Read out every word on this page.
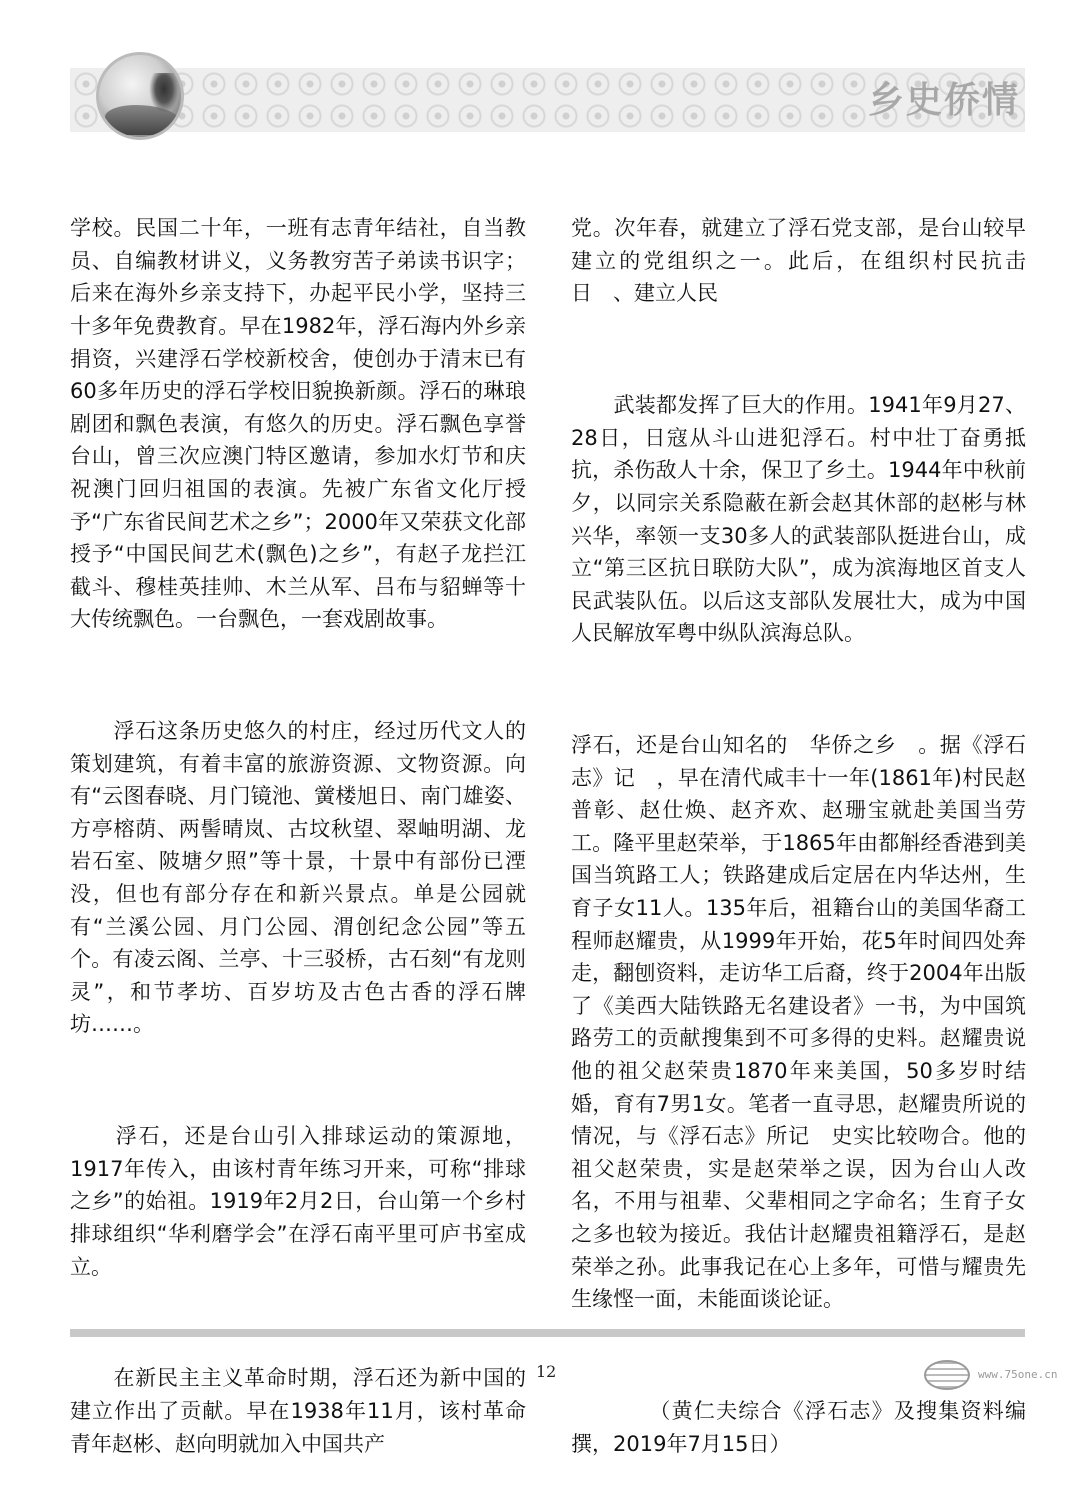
乡史侨情

学校。民国二十年，一班有志青年结社，自当教员、自编教材讲义，义务教穷苦子弟读书识字；后来在海外乡亲支持下，办起平民小学，坚持三十多年免费教育。早在1982年，浮石海内外乡亲捐资，兴建浮石学校新校舍，使创办于清末已有60多年历史的浮石学校旧貌换新颜。浮石的琳琅剧团和飘色表演，有悠久的历史。浮石飘色享誉台山，曾三次应澳门特区邀请，参加水灯节和庆祝澳门回归祖国的表演。先被广东省文化厅授予“广东省民间艺术之乡”；2000年又荣获文化部授予“中国民间艺术(飘色)之乡”，有赵子龙拦江截斗、穆桂英挂帅、木兰从军、吕布与貂蝉等十大传统飘色。一台飘色，一套戏剧故事。

　　浮石这条历史悠久的村庄，经过历代文人的策划建筑，有着丰富的旅游资源、文物资源。向有“云图春晓、月门镜池、黉楼旭日、南门雄姿、方亭榕荫、两髻晴岚、古坟秋望、翠岫明湖、龙岩石室、陂塘夕照”等十景，十景中有部份已湮没，但也有部分存在和新兴景点。单是公园就有“兰溪公园、月门公园、渭创纪念公园”等五个。有凌云阁、兰亭、十三驳桥，古石刻“有龙则灵”，和节孝坊、百岁坊及古色古香的浮石牌坊……。

　　浮石，还是台山引入排球运动的策源地，1917年传入，由该村青年练习开来，可称“排球之乡”的始祖。1919年2月2日，台山第一个乡村排球组织“华利磨学会”在浮石南平里可庐书室成立。

　　在新民主主义革命时期，浮石还为新中国的建立作出了贡献。早在1938年11月，该村革命青年赵彬、赵向明就加入中国共产

党。次年春，就建立了浮石党支部，是台山较早建立的党组织之一。此后，在组织村民抗击日　、建立人民

　　武装都发挥了巨大的作用。1941年9月27、28日，日寇从斗山进犯浮石。村中壮丁奋勇抵抗，杀伤敌人十余，保卫了乡土。1944年中秋前夕，以同宗关系隐蔽在新会赵其休部的赵彬与林兴华，率领一支30多人的武装部队挺进台山，成立“第三区抗日联防大队”，成为滨海地区首支人民武装队伍。以后这支部队发展壮大，成为中国人民解放军粤中纵队滨海总队。

浮石，还是台山知名的　华侨之乡　。据《浮石志》记　，早在清代咸丰十一年(1861年)村民赵普彰、赵仕焕、赵齐欢、赵珊宝就赴美国当劳工。隆平里赵荣举，于1865年由都斛经香港到美国当筑路工人；铁路建成后定居在内华达州，生育子女11人。135年后，祖籍台山的美国华裔工程师赵耀贵，从1999年开始，花5年时间四处奔走，翻刨资料，走访华工后裔，终于2004年出版了《美西大陆铁路无名建设者》一书，为中国筑路劳工的贡献搜集到不可多得的史料。赵耀贵说他的祖父赵荣贵1870年来美国，50多岁时结婚，育有7男1女。笔者一直寻思，赵耀贵所说的情况，与《浮石志》所记　史实比较吻合。他的祖父赵荣贵，实是赵荣举之误，因为台山人改名，不用与祖辈、父辈相同之字命名；生育子女之多也较为接近。我估计赵耀贵祖籍浮石，是赵荣举之孙。此事我记在心上多年，可惜与耀贵先生缘悭一面，未能面谈论证。

　　　　（黄仁夫综合《浮石志》及搜集资料编撰，2019年7月15日）

12	www.75one.cn
